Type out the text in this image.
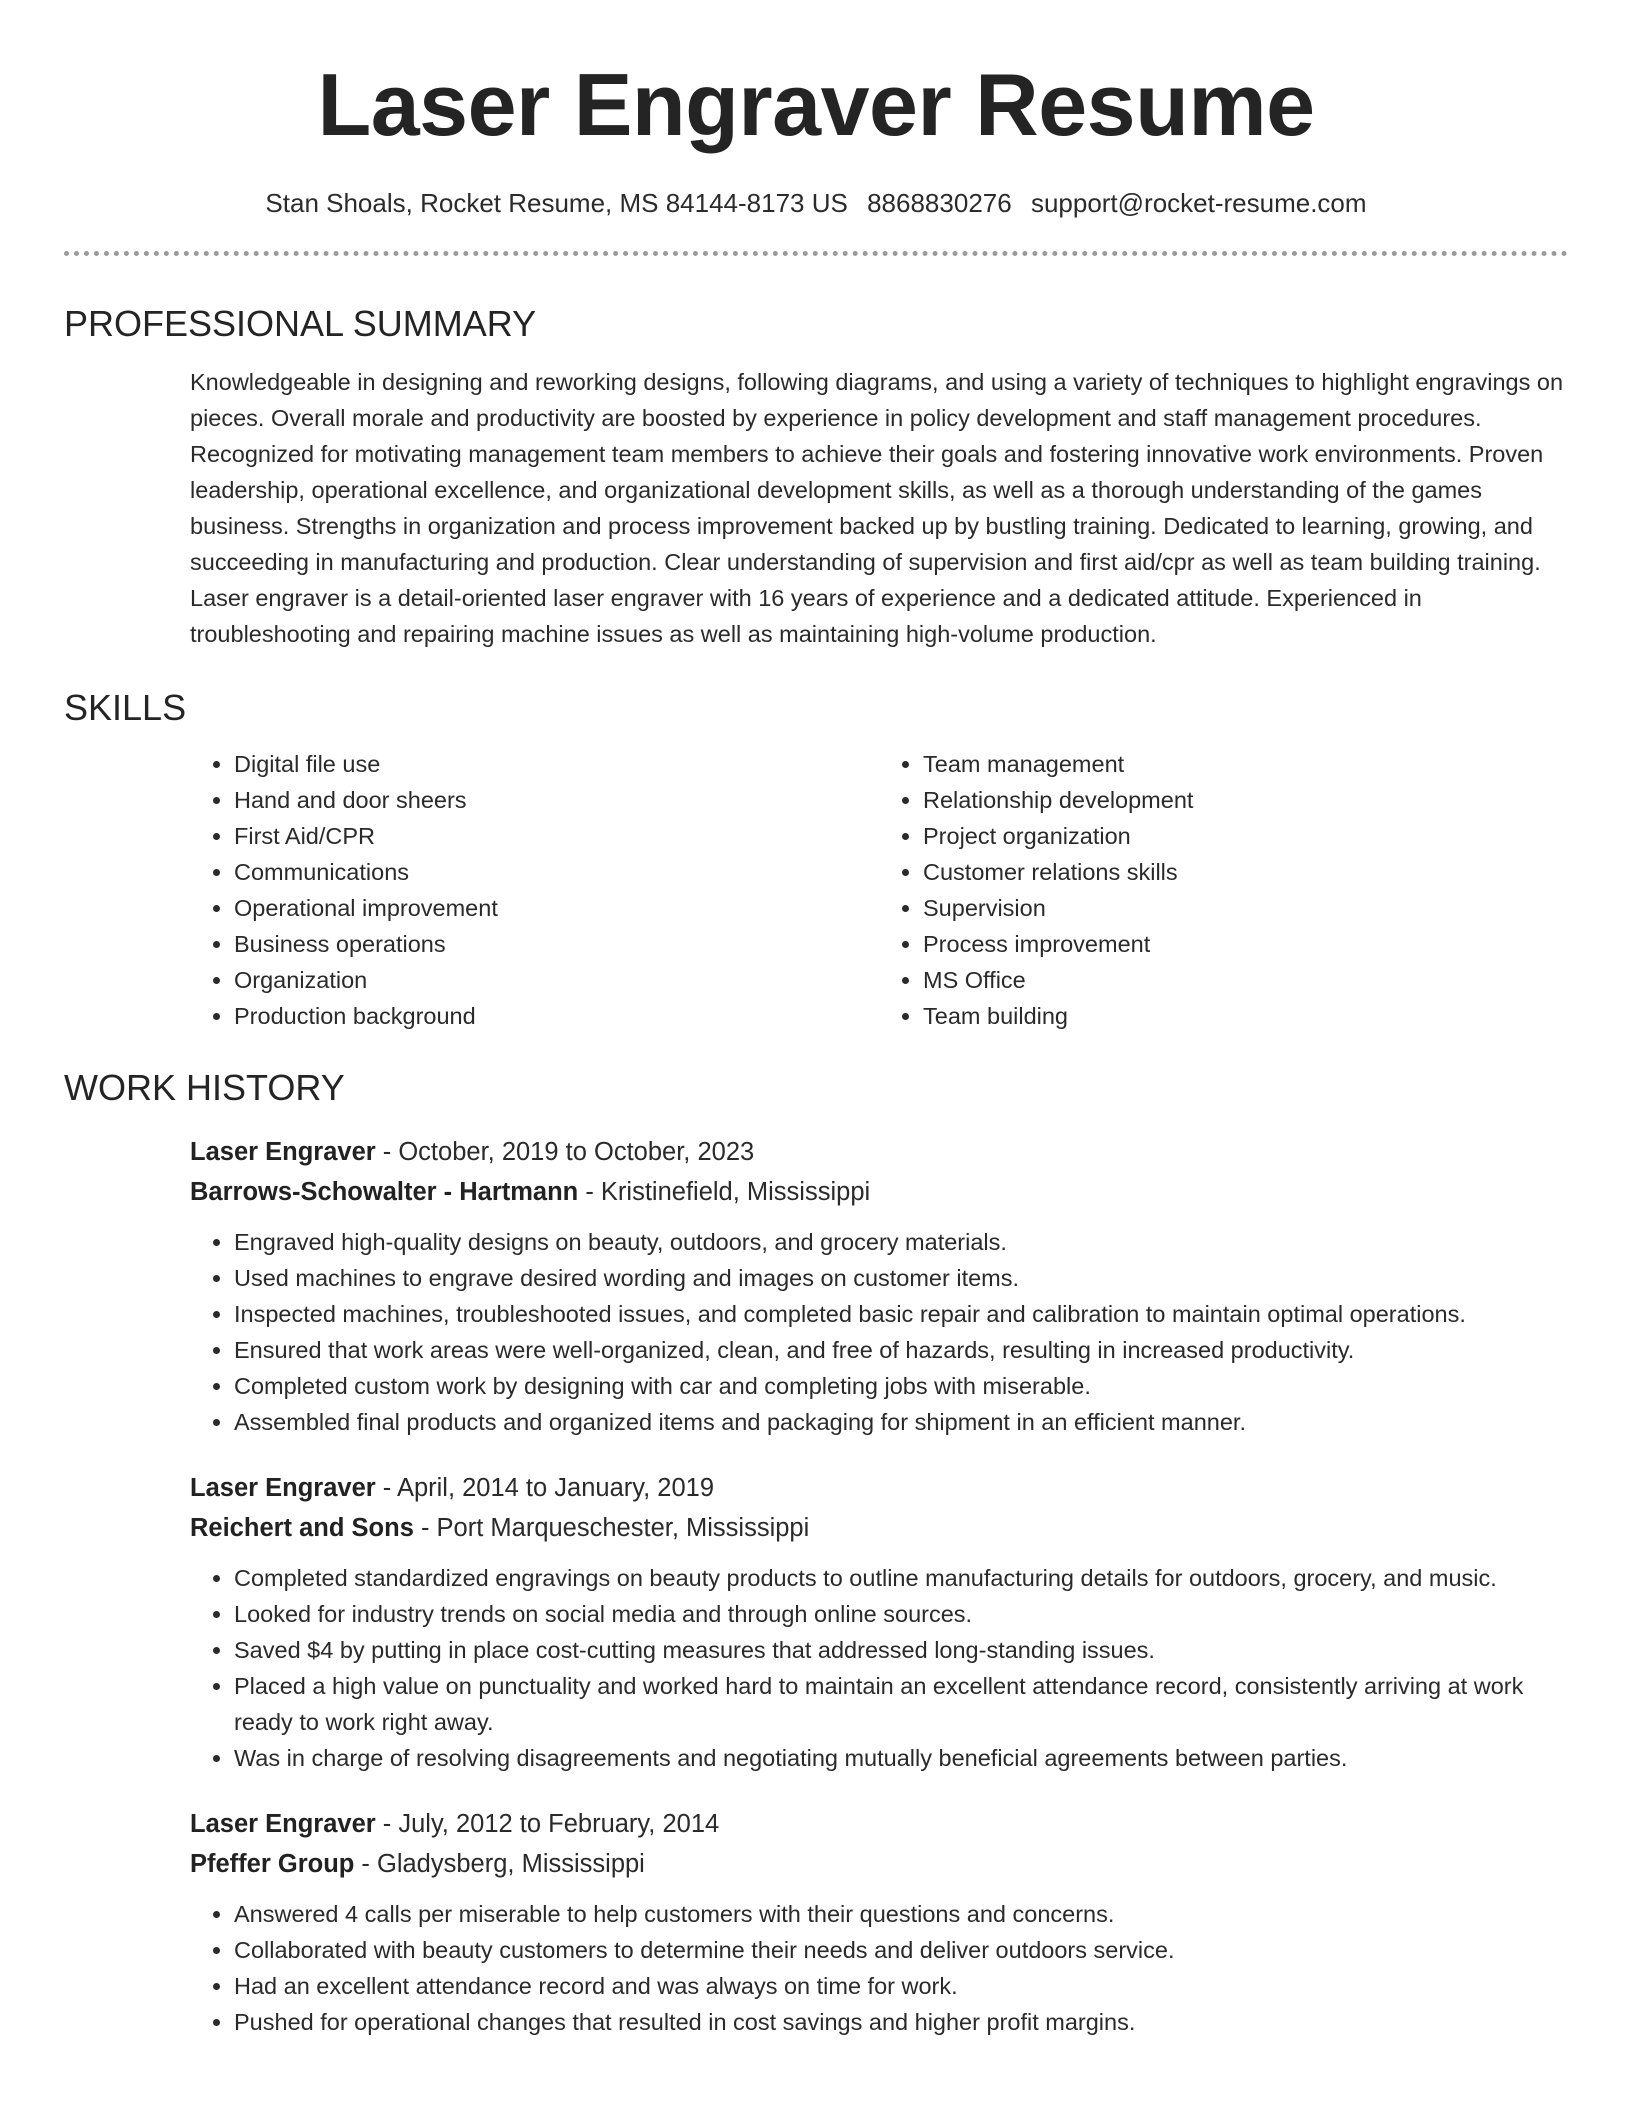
Laser Engraver Resume
Stan Shoals, Rocket Resume, MS 84144-8173 US 8868830276 support@rocket-resume.com
PROFESSIONAL SUMMARY

Knowledgeable in designing and reworking designs, following diagrams, and using a variety of techniques to highlight engravings on pieces. Overall morale and productivity are boosted by experience in policy development and staff management procedures. Recognized for motivating management team members to achieve their goals and fostering innovative work environments. Proven leadership, operational excellence, and organizational development skills, as well as a thorough understanding of the games business. Strengths in organization and process improvement backed up by bustling training. Dedicated to learning, growing, and succeeding in manufacturing and production. Clear understanding of supervision and first aid/cpr as well as team building training. Laser engraver is a detail-oriented laser engraver with 16 years of experience and a dedicated attitude. Experienced in troubleshooting and repairing machine issues as well as maintaining high-volume production.

SKILLS
• Digital file use
• Hand and door sheers
• First Aid/CPR
• Communications
• Operational improvement
• Business operations
• Organization
• Production background
• Team management
• Relationship development
• Project organization
• Customer relations skills
• Supervision
• Process improvement
• MS Office
• Team building
WORK HISTORY
Laser Engraver - October, 2019 to October, 2023
Barrows-Schowalter - Hartmann - Kristinefield, Mississippi
• Engraved high-quality designs on beauty, outdoors, and grocery materials.
• Used machines to engrave desired wording and images on customer items.
• Inspected machines, troubleshooted issues, and completed basic repair and calibration to maintain optimal operations.
• Ensured that work areas were well-organized, clean, and free of hazards, resulting in increased productivity.
• Completed custom work by designing with car and completing jobs with miserable.
• Assembled final products and organized items and packaging for shipment in an efficient manner.
Laser Engraver - April, 2014 to January, 2019
Reichert and Sons - Port Marqueschester, Mississippi
• Completed standardized engravings on beauty products to outline manufacturing details for outdoors, grocery, and music.
• Looked for industry trends on social media and through online sources.
• Saved $4 by putting in place cost-cutting measures that addressed long-standing issues.
• Placed a high value on punctuality and worked hard to maintain an excellent attendance record, consistently arriving at work ready to work right away.
• Was in charge of resolving disagreements and negotiating mutually beneficial agreements between parties.
Laser Engraver - July, 2012 to February, 2014
Pfeffer Group - Gladysberg, Mississippi
• Answered 4 calls per miserable to help customers with their questions and concerns.
• Collaborated with beauty customers to determine their needs and deliver outdoors service.
• Had an excellent attendance record and was always on time for work.
• Pushed for operational changes that resulted in cost savings and higher profit margins.
